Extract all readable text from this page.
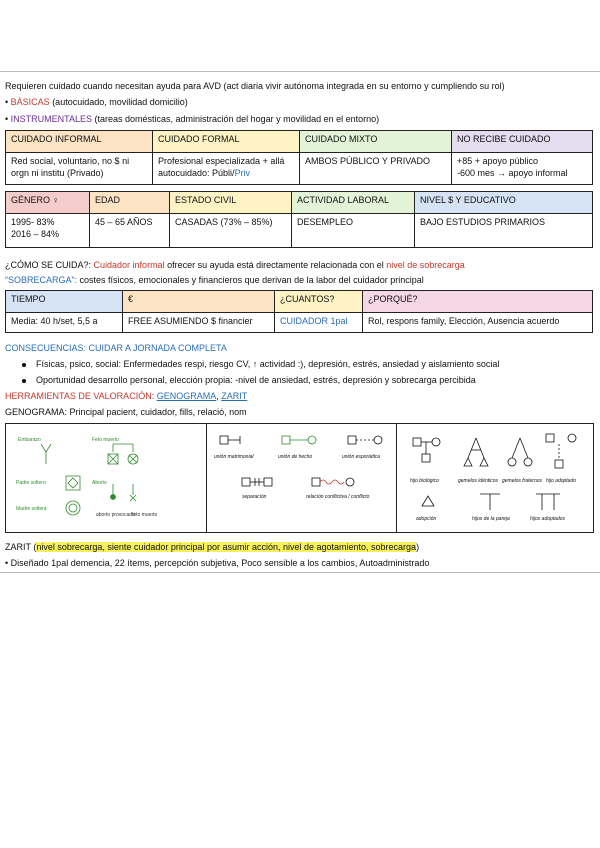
Requieren cuidado cuando necesitan ayuda para AVD (act diaria vivir autónoma integrada en su entorno y cumpliendo su rol)
• BÁSICAS (autocuidado, movilidad domicilio)
• INSTRUMENTALES (tareas domésticas, administración del hogar y movilidad en el entorno)
CUIDADO INFORMAL	CUIDADO FORMAL	CUIDADO MIXTO	NO RECIBE CUIDADO
Red social, voluntario, no $ ni orgn ni institu (Privado)	Profesional especializada + allá autocuidado: Públi/Priv	AMBOS PÚBLICO Y PRIVADO	+85 + apoyo público
-600 mes → apoyo informal
GÉNERO ♀	EDAD	ESTADO CIVIL	ACTIVIDAD LABORAL	NIVEL $ Y EDUCATIVO

1995- 83%
2016 – 84%	45 – 65 AÑOS	CASADAS (73% – 85%)	DESEMPLEO	BAJO ESTUDIOS PRIMARIOS
¿CÓMO SE CUIDA?: Cuidador informal ofrecer su ayuda está directamente relacionada con el nivel de sobrecarga
“SOBRECARGA”: costes físicos, emocionales y financieros que derivan de la labor del cuidador principal
TIEMPO	€	¿CUANTOS?	¿PORQUÉ?
Media: 40 h/set, 5,5 a	FREE ASUMIENDO $ financier	CUIDADOR 1pal	Rol, respons family, Elección, Ausencia acuerdo
CONSECUENCIAS: CUIDAR A JORNADA COMPLETA
Físicas, psico, social: Enfermedades respi, riesgo CV, ↑ actividad :), depresión, estrés, ansiedad y aislamiento social
Oportunidad desarrollo personal, elección propia: -nivel de ansiedad, estrés, depresión y sobrecarga percibida
HERRAMIENTAS DE VALORACIÓN: GENOGRAMA, ZARIT
GENOGRAMA: Principal pacient, cuidador, fills, relació, nom
Embarazo	Feto muerto
Aborto
Padre soltero
Madre soltera
aborto provocado
feto muerto
unión matrimonial	unión de hecho	unión esporádica
separación	relación conflictiva / conflicto
hijo biológico	gemelos idénticos gemelos fraternos hijo adoptado
adopción	hijos de la pareja	hijos adoptados
ZARIT (nivel sobrecarga, siente cuidador principal por asumir acción, nivel de agotamiento, sobrecarga)
• Diseñado 1pal demencia, 22 ítems, percepción subjetiva, Poco sensible a los cambios, Autoadministrado
